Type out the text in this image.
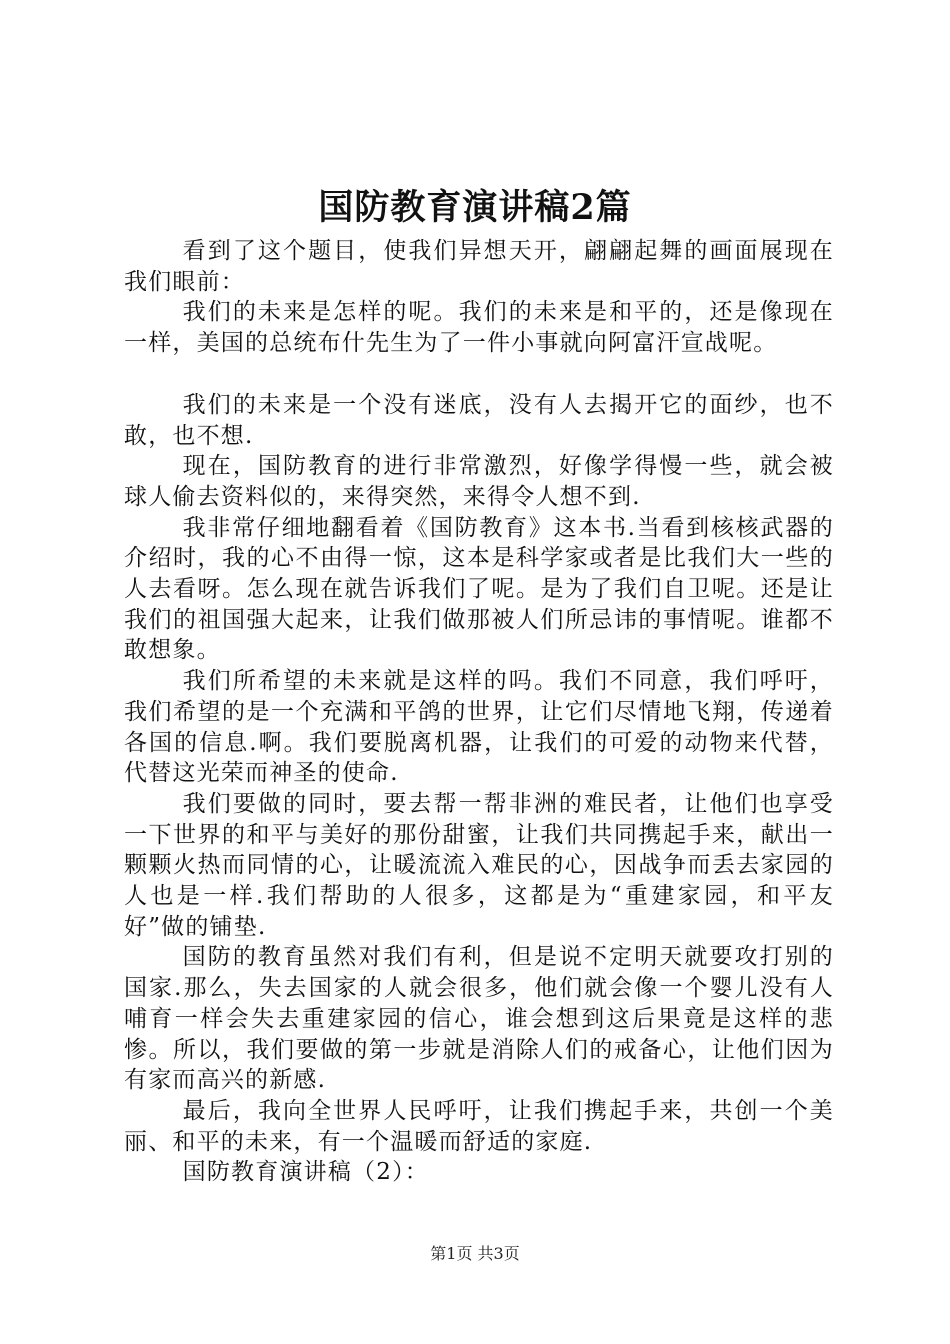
国防教育演讲稿2篇

看到了这个题目，使我们异想天开，翩翩起舞的画面展现在我们眼前：

我们的未来是怎样的呢。我们的未来是和平的，还是像现在一样，美国的总统布什先生为了一件小事就向阿富汗宣战呢。

我们的未来是一个没有迷底，没有人去揭开它的面纱，也不敢，也不想.

现在，国防教育的进行非常激烈，好像学得慢一些，就会被球人偷去资料似的，来得突然，来得令人想不到.

我非常仔细地翻看着《国防教育》这本书.当看到核核武器的介绍时，我的心不由得一惊，这本是科学家或者是比我们大一些的人去看呀。怎么现在就告诉我们了呢。是为了我们自卫呢。还是让我们的祖国强大起来，让我们做那被人们所忌讳的事情呢。谁都不敢想象。

我们所希望的未来就是这样的吗。我们不同意，我们呼吁，我们希望的是一个充满和平鸽的世界，让它们尽情地飞翔，传递着各国的信息.啊。我们要脱离机器，让我们的可爱的动物来代替，代替这光荣而神圣的使命.

我们要做的同时，要去帮一帮非洲的难民者，让他们也享受一下世界的和平与美好的那份甜蜜，让我们共同携起手来，献出一颗颗火热而同情的心，让暖流流入难民的心，因战争而丢去家园的人也是一样.我们帮助的人很多，这都是为“重建家园，和平友好”做的铺垫.

国防的教育虽然对我们有利，但是说不定明天就要攻打别的国家.那么，失去国家的人就会很多，他们就会像一个婴儿没有人哺育一样会失去重建家园的信心，谁会想到这后果竟是这样的悲惨。所以，我们要做的第一步就是消除人们的戒备心，让他们因为有家而高兴的新感.

最后，我向全世界人民呼吁，让我们携起手来，共创一个美丽、和平的未来，有一个温暖而舒适的家庭.

国防教育演讲稿（2）：

第1页 共3页
